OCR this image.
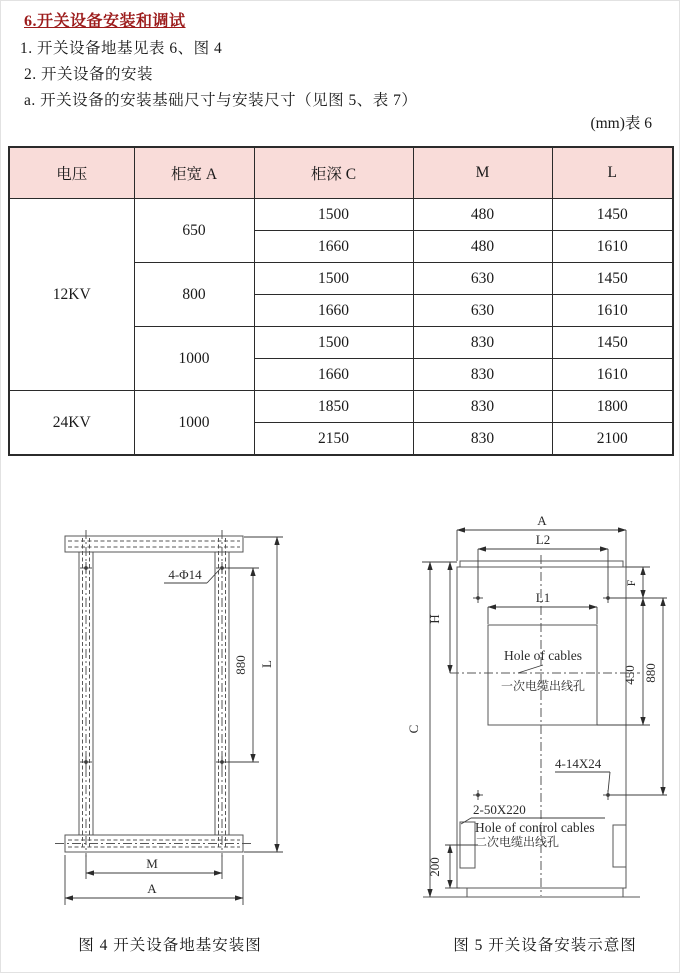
6.开关设备安装和调试
1. 开关设备地基见表 6、图 4
2. 开关设备的安装
a. 开关设备的安装基础尺寸与安装尺寸（见图 5、表 7）
(mm)表 6
电压	柜宽 A	柜深 C	M	L
12KV	650	1500	480	1450
		1660	480	1610
	800	1500	630	1450
		1660	630	1610
	1000	1500	830	1450
		1660	830	1610
24KV	1000	1850	830	1800
		2150	830	2100
4-Φ14
880 L
M
A
A
L2
L1
H
C
F
450 880
200
Hole of cables
一次电缆出线孔
4-14X24
2-50X220
Hole of control cables
二次电缆出线孔
图 4 开关设备地基安装图	图 5 开关设备安装示意图
